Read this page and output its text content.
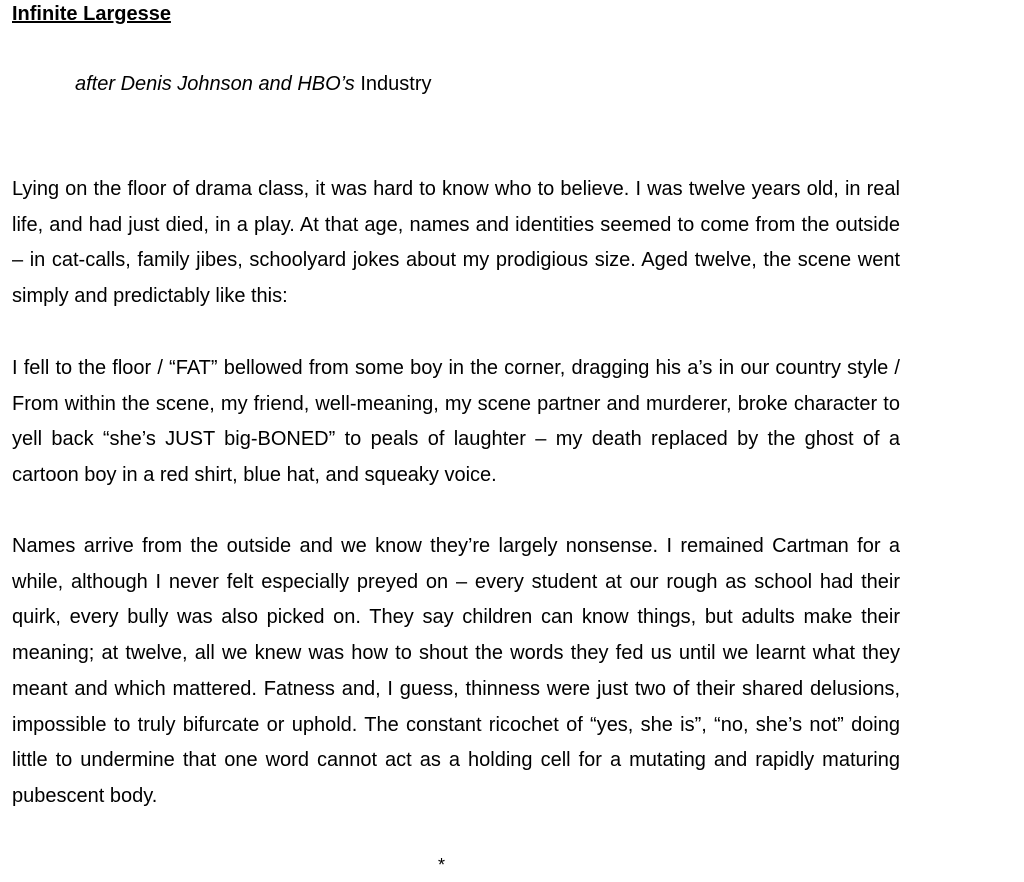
Infinite Largesse
after Denis Johnson and HBO’s Industry

Lying on the floor of drama class, it was hard to know who to believe. I was twelve years old, in real life, and had just died, in a play. At that age, names and identities seemed to come from the outside – in cat-calls, family jibes, schoolyard jokes about my prodigious size. Aged twelve, the scene went simply and predictably like this:

I fell to the floor / “FAT” bellowed from some boy in the corner, dragging his a’s in our country style / From within the scene, my friend, well-meaning, my scene partner and murderer, broke character to yell back “she’s JUST big-BONED” to peals of laughter – my death replaced by the ghost of a cartoon boy in a red shirt, blue hat, and squeaky voice.

Names arrive from the outside and we know they’re largely nonsense. I remained Cartman for a while, although I never felt especially preyed on – every student at our rough as school had their quirk, every bully was also picked on. They say children can know things, but adults make their meaning; at twelve, all we knew was how to shout the words they fed us until we learnt what they meant and which mattered. Fatness and, I guess, thinness were just two of their shared delusions, impossible to truly bifurcate or uphold. The constant ricochet of “yes, she is”, “no, she’s not” doing little to undermine that one word cannot act as a holding cell for a mutating and rapidly maturing pubescent body.

*
